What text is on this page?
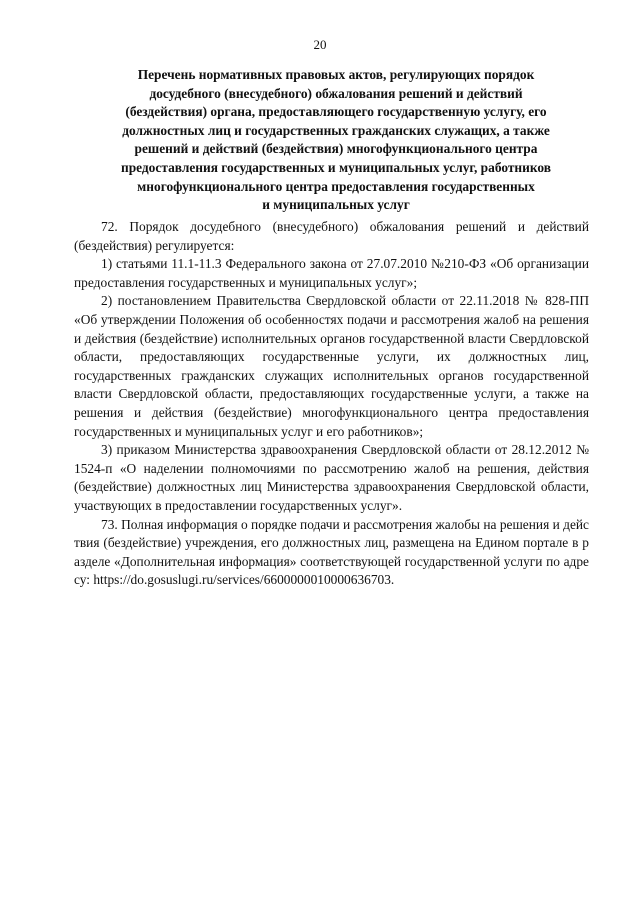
20
Перечень нормативных правовых актов, регулирующих порядок
досудебного (внесудебного) обжалования решений и действий
(бездействия) органа, предоставляющего государственную услугу, его
должностных лиц и государственных гражданских служащих, а также
решений и действий (бездействия) многофункционального центра
предоставления государственных и муниципальных услуг, работников
многофункционального центра предоставления государственных
и муниципальных услуг

72. Порядок досудебного (внесудебного) обжалования решений и действий (бездействия) регулируется:

1) статьями 11.1-11.3 Федерального закона от 27.07.2010 №210-ФЗ «Об организации предоставления государственных и муниципальных услуг»;

2) постановлением Правительства Свердловской области от 22.11.2018 № 828-ПП «Об утверждении Положения об особенностях подачи и рассмотрения жалоб на решения и действия (бездействие) исполнительных органов государственной власти Свердловской области, предоставляющих государственные услуги, их должностных лиц, государственных гражданских служащих исполнительных органов государственной власти Свердловской области, предоставляющих государственные услуги, а также на решения и действия (бездействие) многофункционального центра предоставления государственных и муниципальных услуг и его работников»;

3) приказом Министерства здравоохранения Свердловской области от 28.12.2012 № 1524-п «О наделении полномочиями по рассмотрению жалоб на решения, действия (бездействие) должностных лиц Министерства здравоохранения Свердловской области, участвующих в предоставлении государственных услуг».

73. Полная информация о порядке подачи и рассмотрения жалобы на решения и действия (бездействие) учреждения, его должностных лиц, размещена на Едином портале в разделе «Дополнительная информация» соответствующей государственной услуги по адресу: https://do.gosuslugi.ru/services/6600000010000636703.
